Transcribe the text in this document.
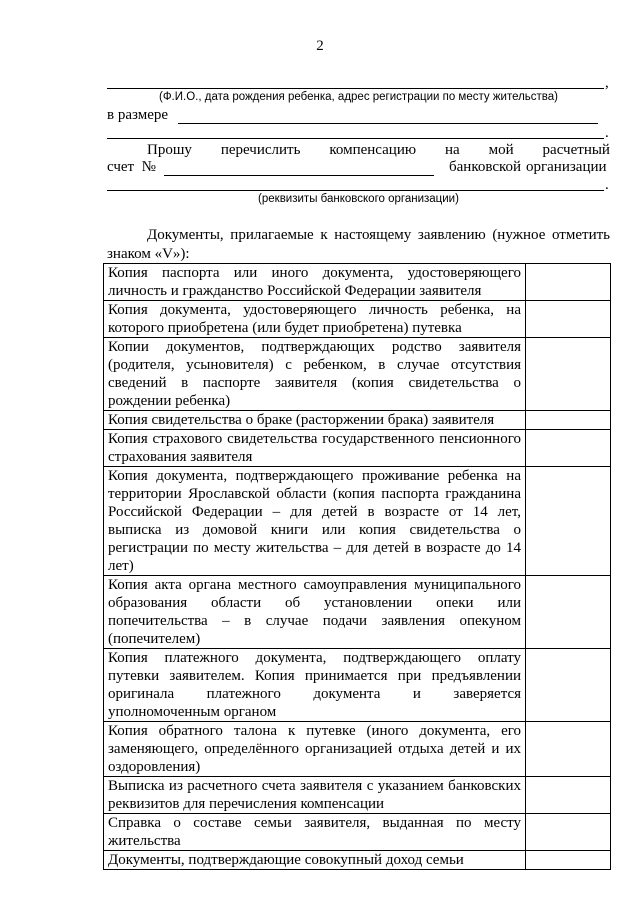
2
,
(Ф.И.О., дата рождения ребенка, адрес регистрации по месту жительства)
в размере
.
Прошу перечислить компенсацию на мой расчетный
счет  №	банковской организации
.
(реквизиты банковского организации)
Документы, прилагаемые к настоящему заявлению (нужное отметить знаком «V»):
Копия паспорта или иного документа, удостоверяющего личность и гражданство Российской Федерации заявителя	
Копия документа, удостоверяющего личность ребенка, на которого приобретена (или будет приобретена) путевка	
Копии документов, подтверждающих родство заявителя (родителя, усыновителя) с ребенком, в случае отсутствия сведений в паспорте заявителя (копия свидетельства о рождении ребенка)	
Копия свидетельства о браке (расторжении брака) заявителя	
Копия страхового свидетельства государственного пенсионного страхования заявителя	
Копия документа, подтверждающего проживание ребенка на территории Ярославской области (копия паспорта гражданина Российской Федерации – для детей в возрасте от 14 лет, выписка из домовой книги или копия свидетельства о регистрации по месту жительства – для детей в возрасте до 14 лет)	
Копия акта органа местного самоуправления муниципального образования области об установлении опеки или попечительства – в случае подачи заявления опекуном (попечителем)	
Копия платежного документа, подтверждающего оплату путевки заявителем. Копия принимается при предъявлении оригинала платежного документа и заверяется уполномоченным органом	
Копия обратного талона к путевке (иного документа, его заменяющего, определённого организацией отдыха детей и их оздоровления)	
Выписка из расчетного счета заявителя с указанием банковских реквизитов для перечисления компенсации	
Справка о составе семьи заявителя, выданная по месту жительства	

Документы, подтверждающие совокупный доход семьи	
